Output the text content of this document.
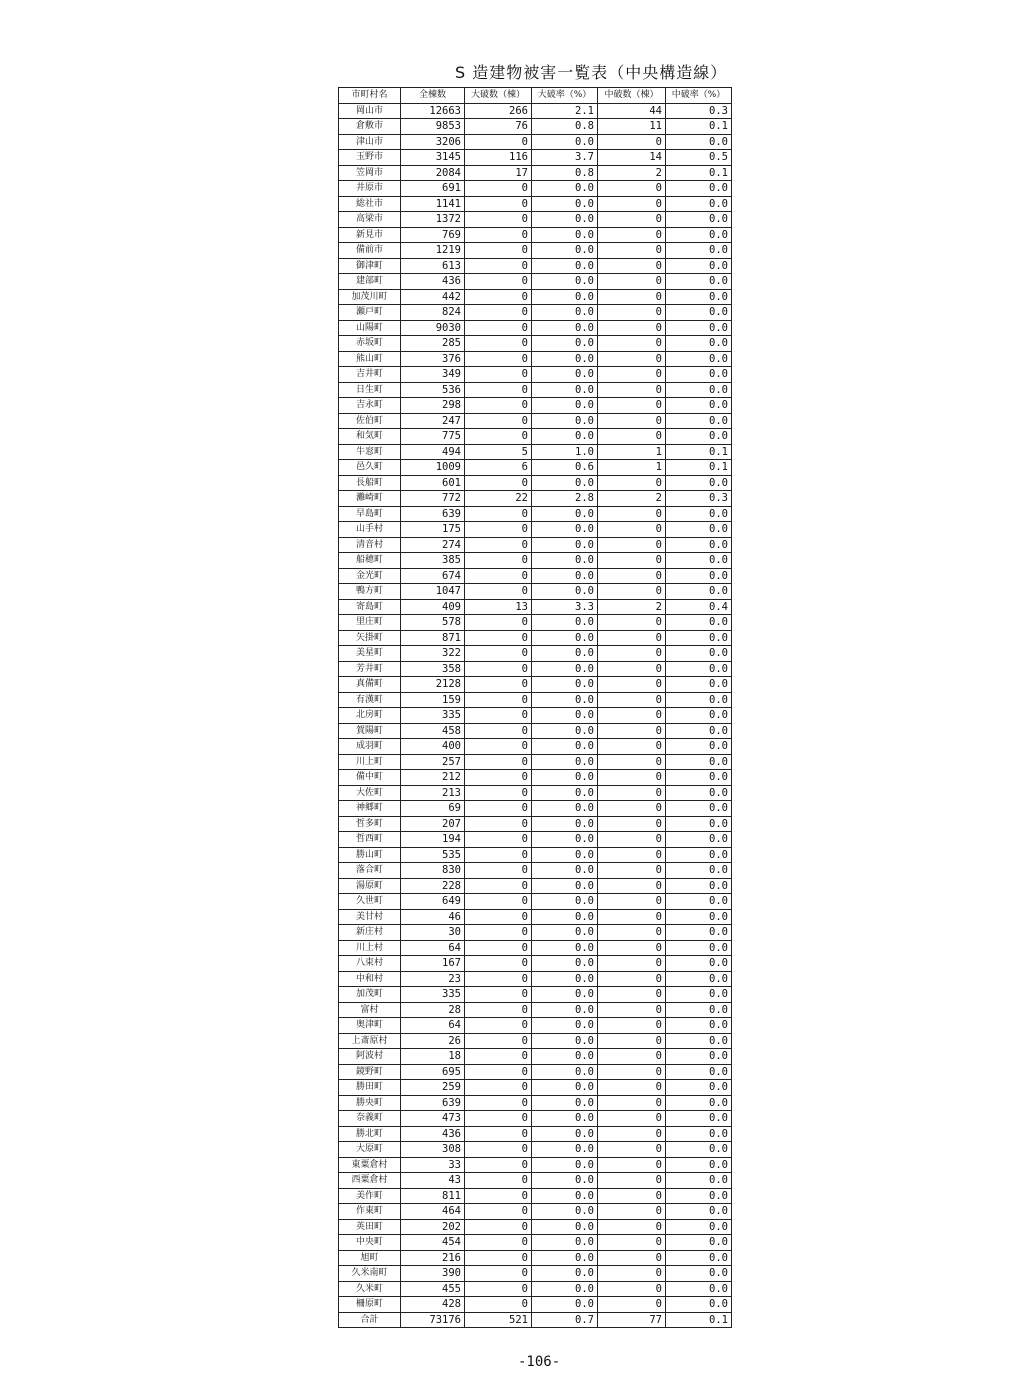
S 造建物被害一覧表（中央構造線）
市町村名	全棟数	大破数（棟）	大破率（%）	中破数（棟）	中破率（%）
岡山市	12663	266	2.1	44	0.3
倉敷市	9853	76	0.8	11	0.1
津山市	3206	0	0.0	0	0.0
玉野市	3145	116	3.7	14	0.5
笠岡市	2084	17	0.8	2	0.1
井原市	691	0	0.0	0	0.0
総社市	1141	0	0.0	0	0.0
高梁市	1372	0	0.0	0	0.0
新見市	769	0	0.0	0	0.0
備前市	1219	0	0.0	0	0.0
御津町	613	0	0.0	0	0.0
建部町	436	0	0.0	0	0.0
加茂川町	442	0	0.0	0	0.0
瀬戸町	824	0	0.0	0	0.0
山陽町	9030	0	0.0	0	0.0
赤坂町	285	0	0.0	0	0.0
熊山町	376	0	0.0	0	0.0
吉井町	349	0	0.0	0	0.0
日生町	536	0	0.0	0	0.0
吉永町	298	0	0.0	0	0.0
佐伯町	247	0	0.0	0	0.0
和気町	775	0	0.0	0	0.0
牛窓町	494	5	1.0	1	0.1
邑久町	1009	6	0.6	1	0.1
長船町	601	0	0.0	0	0.0
灘崎町	772	22	2.8	2	0.3
早島町	639	0	0.0	0	0.0
山手村	175	0	0.0	0	0.0
清音村	274	0	0.0	0	0.0
船穂町	385	0	0.0	0	0.0
金光町	674	0	0.0	0	0.0
鴨方町	1047	0	0.0	0	0.0
寄島町	409	13	3.3	2	0.4
里庄町	578	0	0.0	0	0.0
矢掛町	871	0	0.0	0	0.0
美星町	322	0	0.0	0	0.0
芳井町	358	0	0.0	0	0.0
真備町	2128	0	0.0	0	0.0
有漢町	159	0	0.0	0	0.0
北房町	335	0	0.0	0	0.0
賀陽町	458	0	0.0	0	0.0
成羽町	400	0	0.0	0	0.0
川上町	257	0	0.0	0	0.0
備中町	212	0	0.0	0	0.0
大佐町	213	0	0.0	0	0.0
神郷町	69	0	0.0	0	0.0
哲多町	207	0	0.0	0	0.0
哲西町	194	0	0.0	0	0.0
勝山町	535	0	0.0	0	0.0
落合町	830	0	0.0	0	0.0
湯原町	228	0	0.0	0	0.0
久世町	649	0	0.0	0	0.0
美甘村	46	0	0.0	0	0.0
新庄村	30	0	0.0	0	0.0
川上村	64	0	0.0	0	0.0
八束村	167	0	0.0	0	0.0
中和村	23	0	0.0	0	0.0
加茂町	335	0	0.0	0	0.0
富村	28	0	0.0	0	0.0
奥津町	64	0	0.0	0	0.0
上斎原村	26	0	0.0	0	0.0
阿波村	18	0	0.0	0	0.0
鏡野町	695	0	0.0	0	0.0
勝田町	259	0	0.0	0	0.0
勝央町	639	0	0.0	0	0.0
奈義町	473	0	0.0	0	0.0
勝北町	436	0	0.0	0	0.0
大原町	308	0	0.0	0	0.0
東粟倉村	33	0	0.0	0	0.0
西粟倉村	43	0	0.0	0	0.0
美作町	811	0	0.0	0	0.0
作東町	464	0	0.0	0	0.0
英田町	202	0	0.0	0	0.0
中央町	454	0	0.0	0	0.0
旭町	216	0	0.0	0	0.0
久米南町	390	0	0.0	0	0.0
久米町	455	0	0.0	0	0.0
柵原町	428	0	0.0	0	0.0
合計	73176	521	0.7	77	0.1
-106-
